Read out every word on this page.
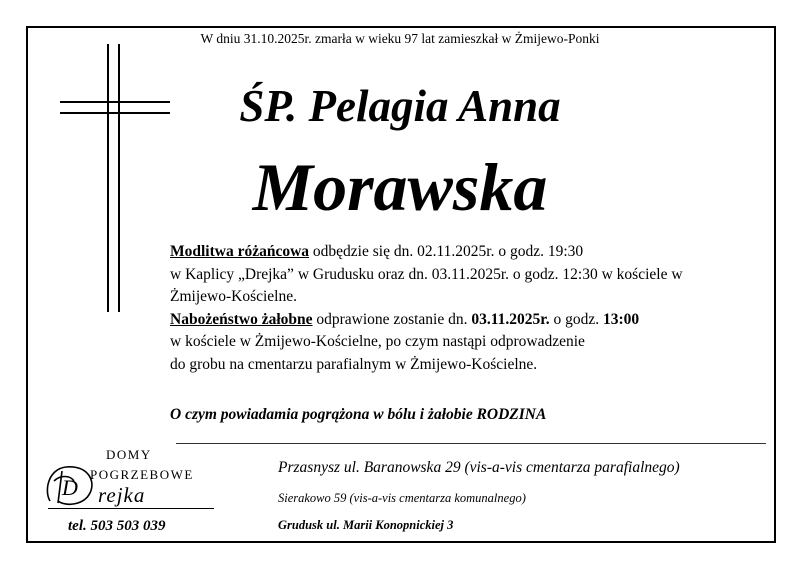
W dniu 31.10.2025r. zmarła w wieku 97 lat zamieszkał w Żmijewo-Ponki
ŚP. Pelagia Anna
Morawska
Modlitwa różańcowa odbędzie się dn. 02.11.2025r. o godz. 19:30
w Kaplicy „Drejka” w Grudusku oraz dn. 03.11.2025r. o godz. 12:30 w kościele w
Żmijewo-Kościelne.
Nabożeństwo żałobne odprawione zostanie dn. 03.11.2025r. o godz. 13:00
w kościele w Żmijewo-Kościelne, po czym nastąpi odprowadzenie
do grobu na cmentarzu parafialnym w Żmijewo-Kościelne.
O czym powiadamia pogrążona w bólu i żałobie RODZINA
DOMY
POGRZEBOWE
D rejka
tel. 503 503 039
Przasnysz ul. Baranowska 29 (vis-a-vis cmentarza parafialnego)
Sierakowo 59 (vis-a-vis cmentarza komunalnego)
Grudusk ul. Marii Konopnickiej 3
